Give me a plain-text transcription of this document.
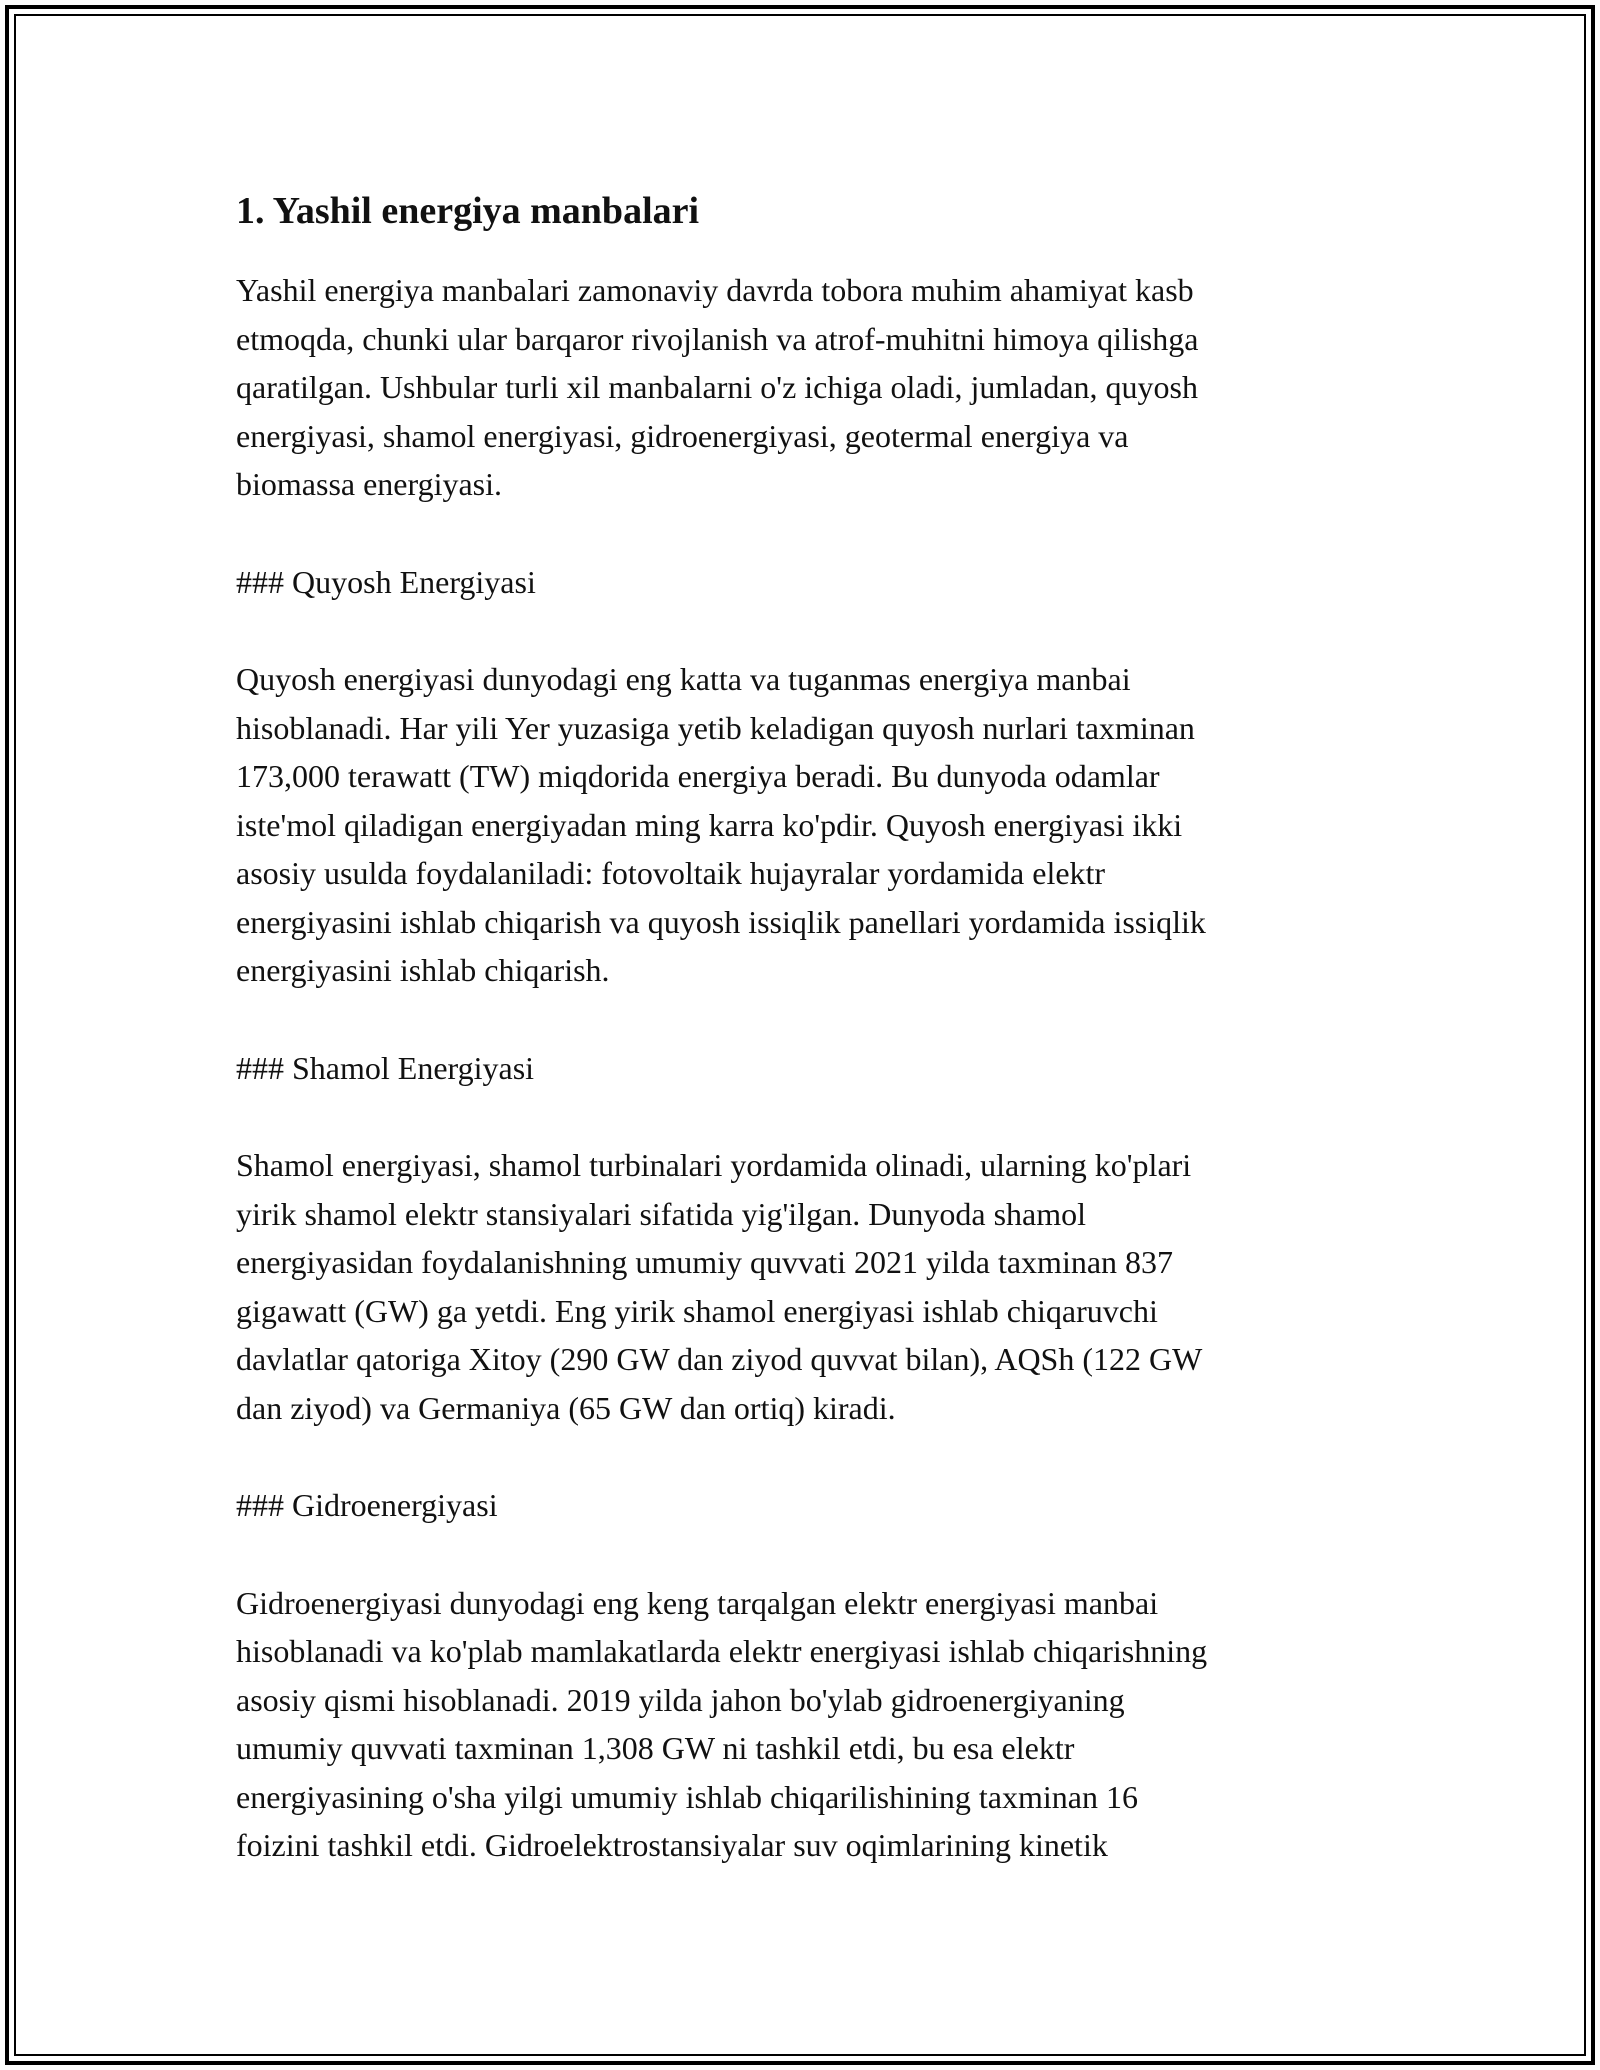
1. Yashil energiya manbalari

Yashil energiya manbalari zamonaviy davrda tobora muhim ahamiyat kasb
etmoqda, chunki ular barqaror rivojlanish va atrof-muhitni himoya qilishga
qaratilgan. Ushbular turli xil manbalarni o'z ichiga oladi, jumladan, quyosh
energiyasi, shamol energiyasi, gidroenergiyasi, geotermal energiya va
biomassa energiyasi.

### Quyosh Energiyasi

Quyosh energiyasi dunyodagi eng katta va tuganmas energiya manbai
hisoblanadi. Har yili Yer yuzasiga yetib keladigan quyosh nurlari taxminan
173,000 terawatt (TW) miqdorida energiya beradi. Bu dunyoda odamlar
iste'mol qiladigan energiyadan ming karra ko'pdir. Quyosh energiyasi ikki
asosiy usulda foydalaniladi: fotovoltaik hujayralar yordamida elektr
energiyasini ishlab chiqarish va quyosh issiqlik panellari yordamida issiqlik
energiyasini ishlab chiqarish.

### Shamol Energiyasi

Shamol energiyasi, shamol turbinalari yordamida olinadi, ularning ko'plari
yirik shamol elektr stansiyalari sifatida yig'ilgan. Dunyoda shamol
energiyasidan foydalanishning umumiy quvvati 2021 yilda taxminan 837
gigawatt (GW) ga yetdi. Eng yirik shamol energiyasi ishlab chiqaruvchi
davlatlar qatoriga Xitoy (290 GW dan ziyod quvvat bilan), AQSh (122 GW
dan ziyod) va Germaniya (65 GW dan ortiq) kiradi.

### Gidroenergiyasi

Gidroenergiyasi dunyodagi eng keng tarqalgan elektr energiyasi manbai
hisoblanadi va ko'plab mamlakatlarda elektr energiyasi ishlab chiqarishning
asosiy qismi hisoblanadi. 2019 yilda jahon bo'ylab gidroenergiyaning
umumiy quvvati taxminan 1,308 GW ni tashkil etdi, bu esa elektr
energiyasining o'sha yilgi umumiy ishlab chiqarilishining taxminan 16
foizini tashkil etdi. Gidroelektrostansiyalar suv oqimlarining kinetik
